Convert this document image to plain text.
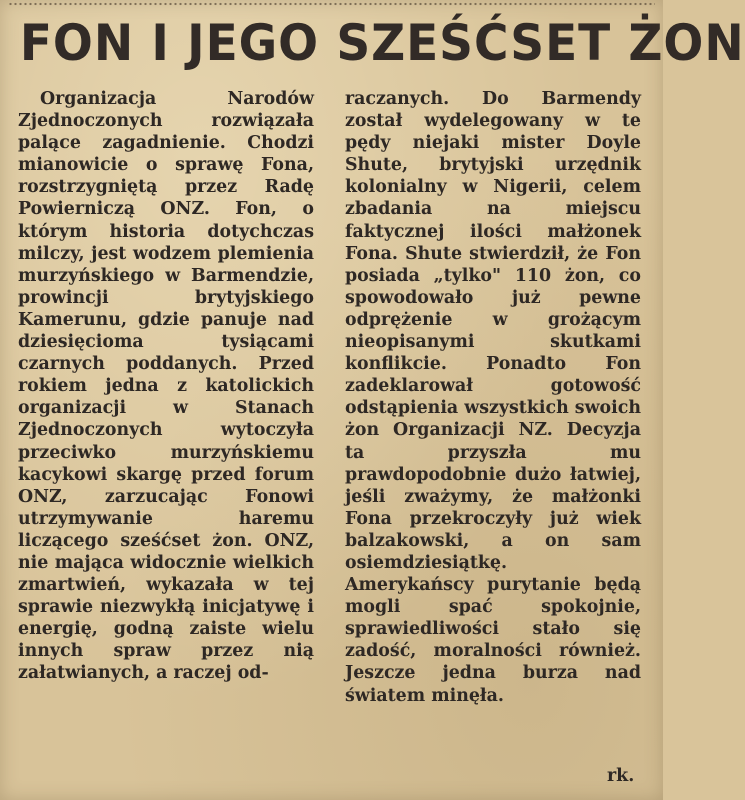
FON I JEGO SZEŚĆSET ŻON
Organizacja Narodów Zjednoczonych rozwiązała palące zagadnienie. Chodzi mianowicie o sprawę Fona, rozstrzygniętą przez Radę Powierniczą ONZ. Fon, o którym historia dotychczas milczy, jest wodzem plemienia murzyńskiego w Barmendzie, prowincji brytyjskiego Kamerunu, gdzie panuje nad dziesięcioma tysiącami czarnych poddanych. Przed rokiem jedna z katolickich organizacji w Stanach Zjednoczonych wytoczyła przeciwko murzyńskiemu kacykowi skargę przed forum ONZ, zarzucając Fonowi utrzymywanie haremu liczącego sześćset żon. ONZ, nie mająca widocznie wielkich zmartwień, wykazała w tej sprawie niezwykłą inicjatywę i energię, godną zaiste wielu innych spraw przez nią załatwianych, a raczej od-
raczanych. Do Barmendy został wydelegowany w te pędy niejaki mister Doyle Shute, brytyjski urzędnik kolonialny w Nigerii, celem zbadania na miejscu faktycznej ilości małżonek Fona. Shute stwierdził, że Fon posiada „tylko" 110 żon, co spowodowało już pewne odprężenie w grożącym nieopisanymi skutkami konflikcie. Ponadto Fon zadeklarował gotowość odstąpienia wszystkich swoich żon Organizacji NZ. Decyzja ta przyszła mu prawdopodobnie dużo łatwiej, jeśli zważymy, że małżonki Fona przekroczyły już wiek balzakowski, a on sam osiemdziesiątkę. Amerykańscy purytanie będą mogli spać spokojnie, sprawiedliwości stało się zadość, moralności również. Jeszcze jedna burza nad światem minęła.
rk.
